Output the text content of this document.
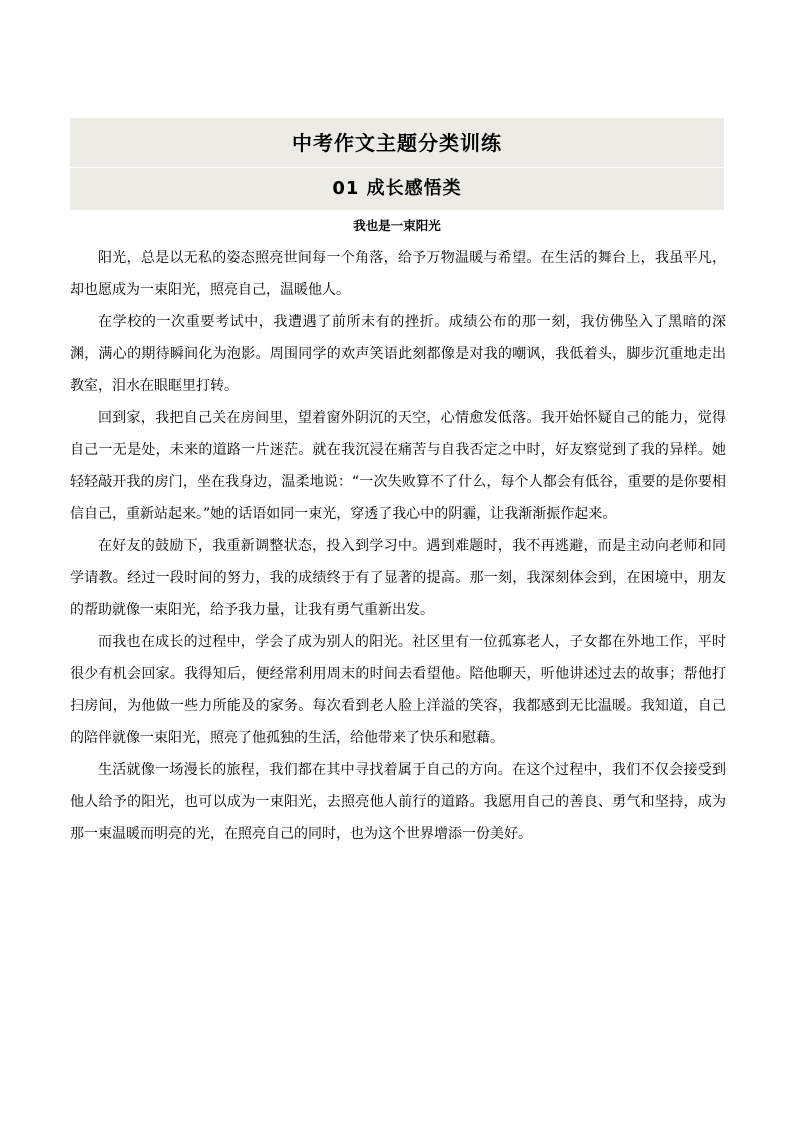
中考作文主题分类训练
01 成长感悟类
我也是一束阳光

阳光，总是以无私的姿态照亮世间每一个角落，给予万物温暖与希望。在生活的舞台上，我虽平凡，却也愿成为一束阳光，照亮自己，温暖他人。

在学校的一次重要考试中，我遭遇了前所未有的挫折。成绩公布的那一刻，我仿佛坠入了黑暗的深渊，满心的期待瞬间化为泡影。周围同学的欢声笑语此刻都像是对我的嘲讽，我低着头，脚步沉重地走出教室，泪水在眼眶里打转。

回到家，我把自己关在房间里，望着窗外阴沉的天空，心情愈发低落。我开始怀疑自己的能力，觉得自己一无是处，未来的道路一片迷茫。就在我沉浸在痛苦与自我否定之中时，好友察觉到了我的异样。她轻轻敲开我的房门，坐在我身边，温柔地说：“一次失败算不了什么，每个人都会有低谷，重要的是你要相信自己，重新站起来。”她的话语如同一束光，穿透了我心中的阴霾，让我渐渐振作起来。

在好友的鼓励下，我重新调整状态，投入到学习中。遇到难题时，我不再逃避，而是主动向老师和同学请教。经过一段时间的努力，我的成绩终于有了显著的提高。那一刻，我深刻体会到，在困境中，朋友的帮助就像一束阳光，给予我力量，让我有勇气重新出发。

而我也在成长的过程中，学会了成为别人的阳光。社区里有一位孤寡老人，子女都在外地工作，平时很少有机会回家。我得知后，便经常利用周末的时间去看望他。陪他聊天，听他讲述过去的故事；帮他打扫房间，为他做一些力所能及的家务。每次看到老人脸上洋溢的笑容，我都感到无比温暖。我知道，自己的陪伴就像一束阳光，照亮了他孤独的生活，给他带来了快乐和慰藉。

生活就像一场漫长的旅程，我们都在其中寻找着属于自己的方向。在这个过程中，我们不仅会接受到他人给予的阳光，也可以成为一束阳光，去照亮他人前行的道路。我愿用自己的善良、勇气和坚持，成为那一束温暖而明亮的光，在照亮自己的同时，也为这个世界增添一份美好。
